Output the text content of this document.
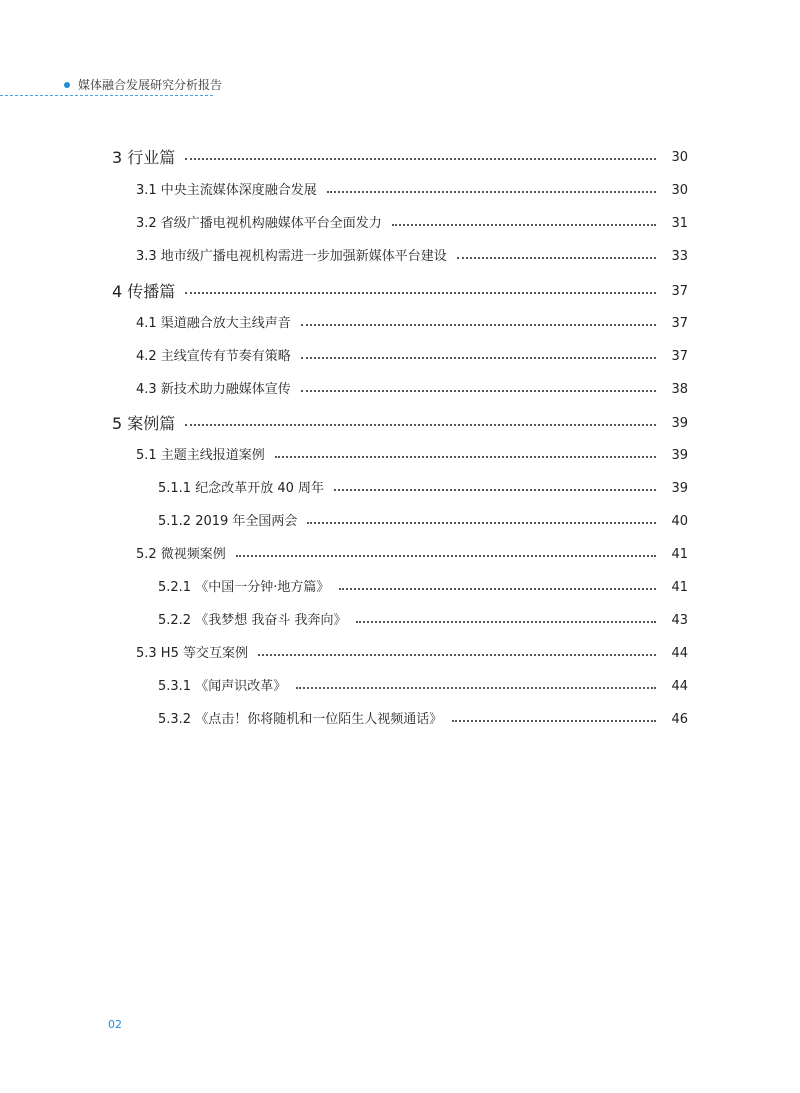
媒体融合发展研究分析报告
3 行业篇	30
3.1 中央主流媒体深度融合发展	30
3.2 省级广播电视机构融媒体平台全面发力	31
3.3 地市级广播电视机构需进一步加强新媒体平台建设	33
4 传播篇	37
4.1 渠道融合放大主线声音	37
4.2 主线宣传有节奏有策略	37
4.3 新技术助力融媒体宣传	38
5 案例篇	39
5.1 主题主线报道案例	39
5.1.1 纪念改革开放 40 周年	39
5.1.2 2019 年全国两会	40
5.2 微视频案例	41
5.2.1 《中国一分钟·地方篇》	41
5.2.2 《我梦想 我奋斗 我奔向》	43
5.3 H5 等交互案例	44
5.3.1 《闻声识改革》	44
5.3.2 《点击！你将随机和一位陌生人视频通话》	46
02
